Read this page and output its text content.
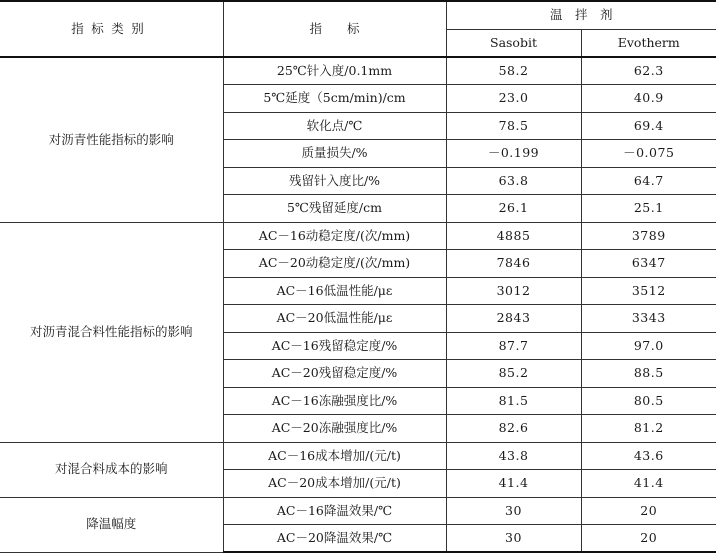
指标类别	指　　标	温　拌　剂	
		Sasobit	Evotherm
对沥青性能指标的影响	25℃针入度/0.1mm	58.2	62.3
	5℃延度（5cm/min)/cm	23.0	40.9
	软化点/℃	78.5	69.4
	质量损失/%	－0.199	－0.075
	残留针入度比/%	63.8	64.7
	5℃残留延度/cm	26.1	25.1
对沥青混合料性能指标的影响	AC－16动稳定度/(次/mm)	4885	3789
	AC－20动稳定度/(次/mm)	7846	6347
	AC－16低温性能/με	3012	3512
	AC－20低温性能/με	2843	3343
	AC－16残留稳定度/%	87.7	97.0
	AC－20残留稳定度/%	85.2	88.5
	AC－16冻融强度比/%	81.5	80.5
	AC－20冻融强度比/%	82.6	81.2
对混合料成本的影响	AC－16成本增加/(元/t)	43.8	43.6
	AC－20成本增加/(元/t)	41.4	41.4
降温幅度	AC－16降温效果/℃	30	20
	AC－20降温效果/℃	30	20
